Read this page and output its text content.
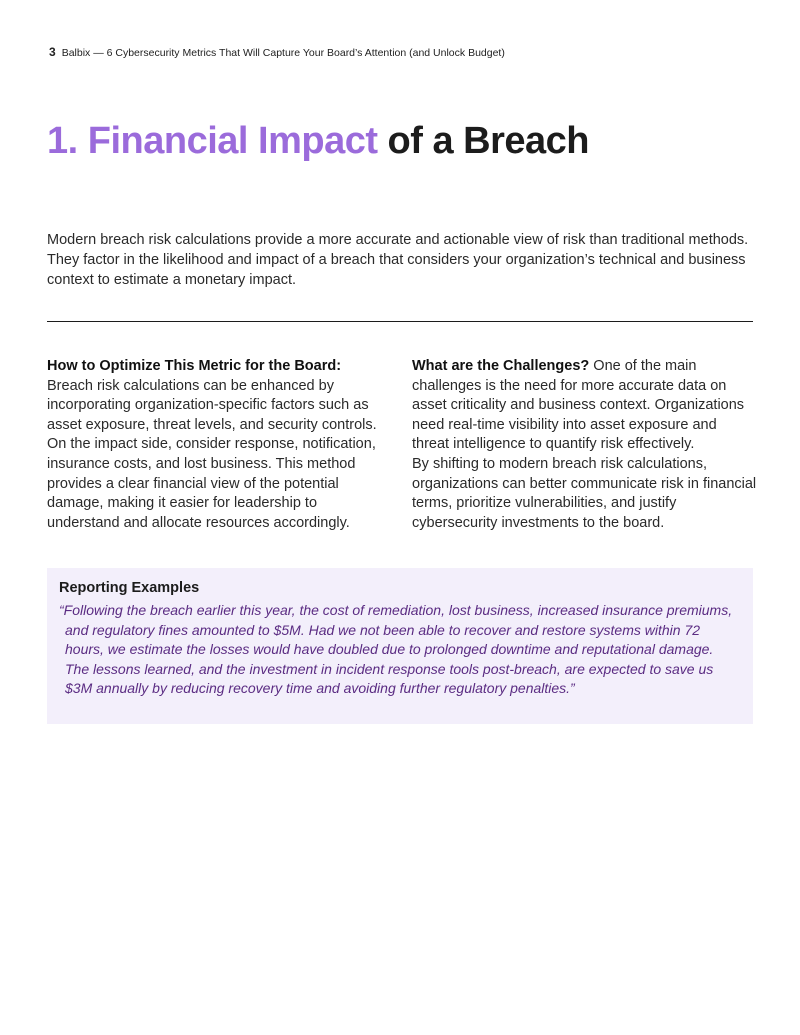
3 Balbix — 6 Cybersecurity Metrics That Will Capture Your Board’s Attention (and Unlock Budget)
1. Financial Impact of a Breach

Modern breach risk calculations provide a more accurate and actionable view of risk than traditional methods. They factor in the likelihood and impact of a breach that considers your organization’s technical and business context to estimate a monetary impact.

How to Optimize This Metric for the Board:
Breach risk calculations can be enhanced by incorporating organization-specific factors such as asset exposure, threat levels, and security controls. On the impact side, consider response, notification, insurance costs, and lost business. This method provides a clear financial view of the potential damage, making it easier for leadership to understand and allocate resources accordingly.

What are the Challenges? One of the main challenges is the need for more accurate data on asset criticality and business context. Organizations need real-time visibility into asset exposure and threat intelligence to quantify risk effectively.
By shifting to modern breach risk calculations, organizations can better communicate risk in financial terms, prioritize vulnerabilities, and justify cybersecurity investments to the board.

Reporting Examples

“Following the breach earlier this year, the cost of remediation, lost business, increased insurance premiums, and regulatory fines amounted to $5M. Had we not been able to recover and restore systems within 72 hours, we estimate the losses would have doubled due to prolonged downtime and reputational damage. The lessons learned, and the investment in incident response tools post-breach, are expected to save us $3M annually by reducing recovery time and avoiding further regulatory penalties.”
